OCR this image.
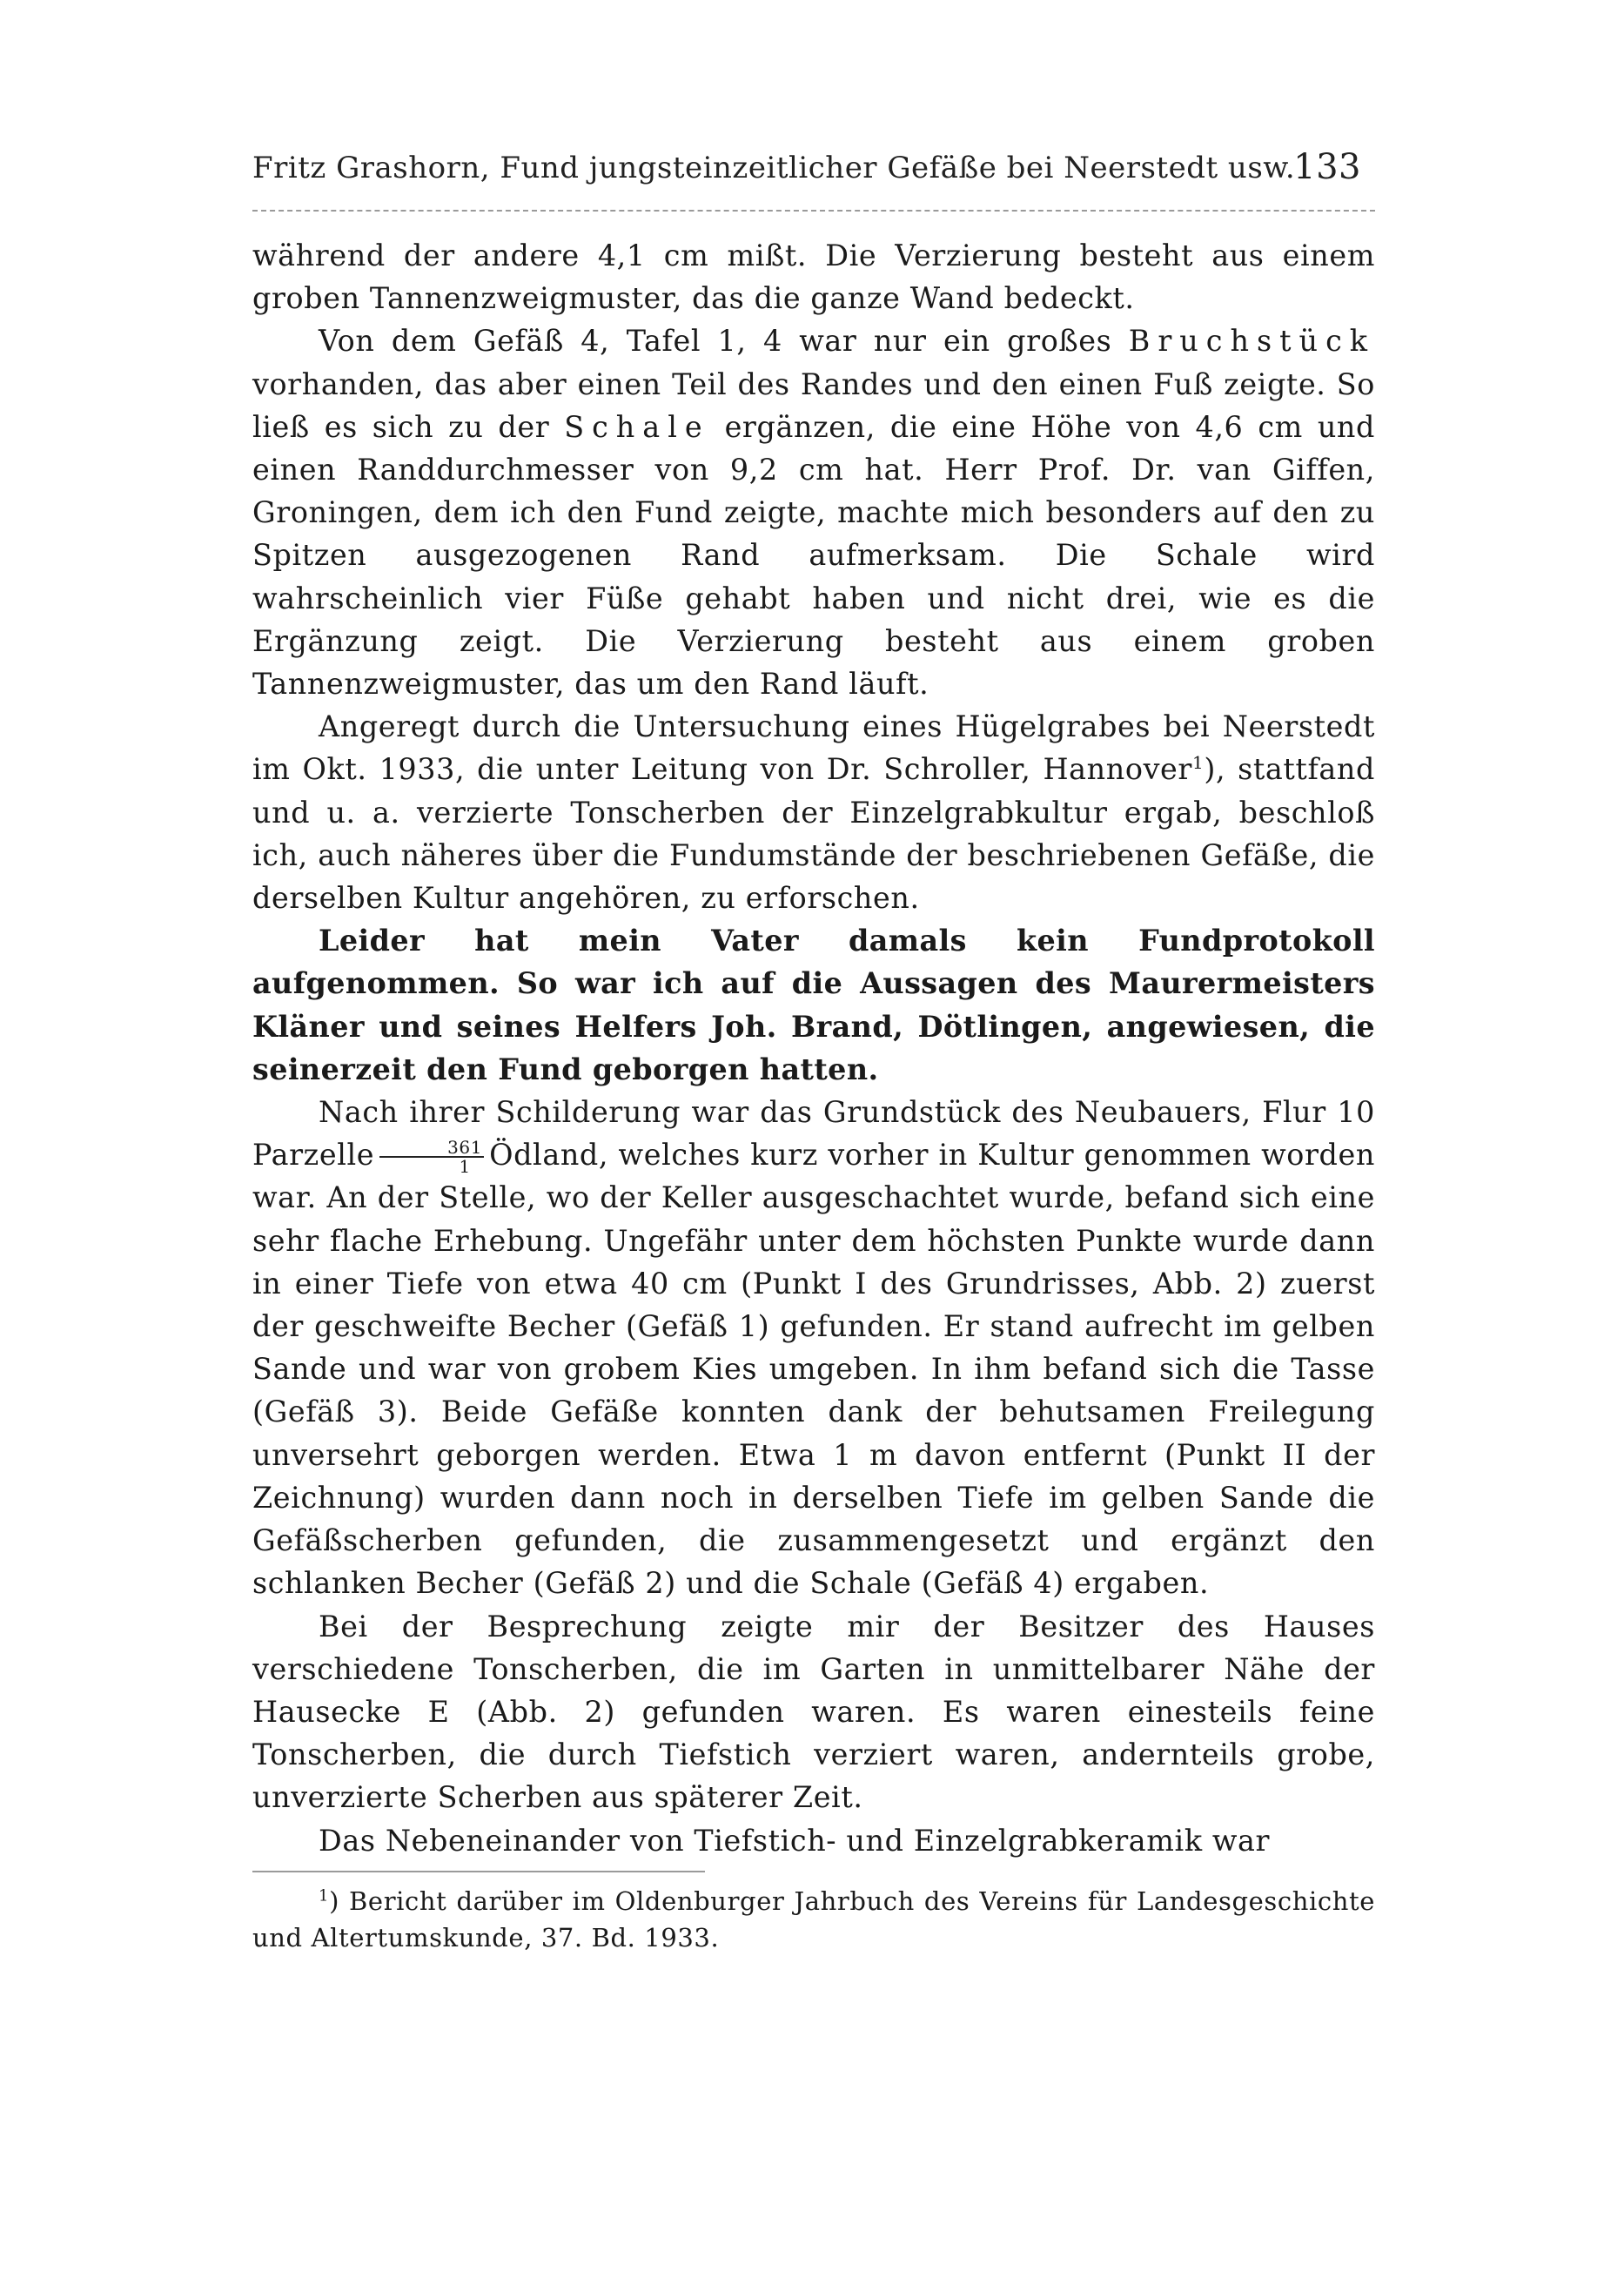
Fritz Grashorn, Fund jungsteinzeitlicher Gefäße bei Neerstedt usw.
133

während der andere 4,1 cm mißt. Die Verzierung besteht aus einem groben Tannenzweigmuster, das die ganze Wand bedeckt.

Von dem Gefäß 4, Tafel 1, 4 war nur ein großes Bruchstück vorhanden, das aber einen Teil des Randes und den einen Fuß zeigte. So ließ es sich zu der Schale ergänzen, die eine Höhe von 4,6 cm und einen Randdurchmesser von 9,2 cm hat. Herr Prof. Dr. van Giffen, Groningen, dem ich den Fund zeigte, machte mich besonders auf den zu Spitzen ausgezogenen Rand aufmerksam. Die Schale wird wahrscheinlich vier Füße gehabt haben und nicht drei, wie es die Ergänzung zeigt. Die Verzierung besteht aus einem groben Tannenzweigmuster, das um den Rand läuft.

Angeregt durch die Untersuchung eines Hügelgrabes bei Neerstedt im Okt. 1933, die unter Leitung von Dr. Schroller, Hannover$^1$), stattfand und u. a. verzierte Tonscherben der Einzelgrabkultur ergab, beschloß ich, auch näheres über die Fundumstände der beschriebenen Gefäße, die derselben Kultur angehören, zu erforschen.

Leider hat mein Vater damals kein Fundprotokoll aufgenommen. So war ich auf die Aussagen des Maurermeisters Kläner und seines Helfers Joh. Brand, Dötlingen, angewiesen, die seinerzeit den Fund geborgen hatten.

Nach ihrer Schilderung war das Grundstück des Neubauers, Flur 10 Parzelle $\frac{361}{1}$ Ödland, welches kurz vorher in Kultur genommen worden war. An der Stelle, wo der Keller ausgeschachtet wurde, befand sich eine sehr flache Erhebung. Ungefähr unter dem höchsten Punkte wurde dann in einer Tiefe von etwa 40 cm (Punkt I des Grundrisses, Abb. 2) zuerst der geschweifte Becher (Gefäß 1) gefunden. Er stand aufrecht im gelben Sande und war von grobem Kies umgeben. In ihm befand sich die Tasse (Gefäß 3). Beide Gefäße konnten dank der behutsamen Freilegung unversehrt geborgen werden. Etwa 1 m davon entfernt (Punkt II der Zeichnung) wurden dann noch in derselben Tiefe im gelben Sande die Gefäßscherben gefunden, die zusammengesetzt und ergänzt den schlanken Becher (Gefäß 2) und die Schale (Gefäß 4) ergaben.

Bei der Besprechung zeigte mir der Besitzer des Hauses verschiedene Tonscherben, die im Garten in unmittelbarer Nähe der Hausecke E (Abb. 2) gefunden waren. Es waren einesteils feine Tonscherben, die durch Tiefstich verziert waren, andernteils grobe, unverzierte Scherben aus späterer Zeit.

Das Nebeneinander von Tiefstich- und Einzelgrabkeramik war

$^1$) Bericht darüber im Oldenburger Jahrbuch des Vereins für Landesgeschichte und Altertumskunde, 37. Bd. 1933.
